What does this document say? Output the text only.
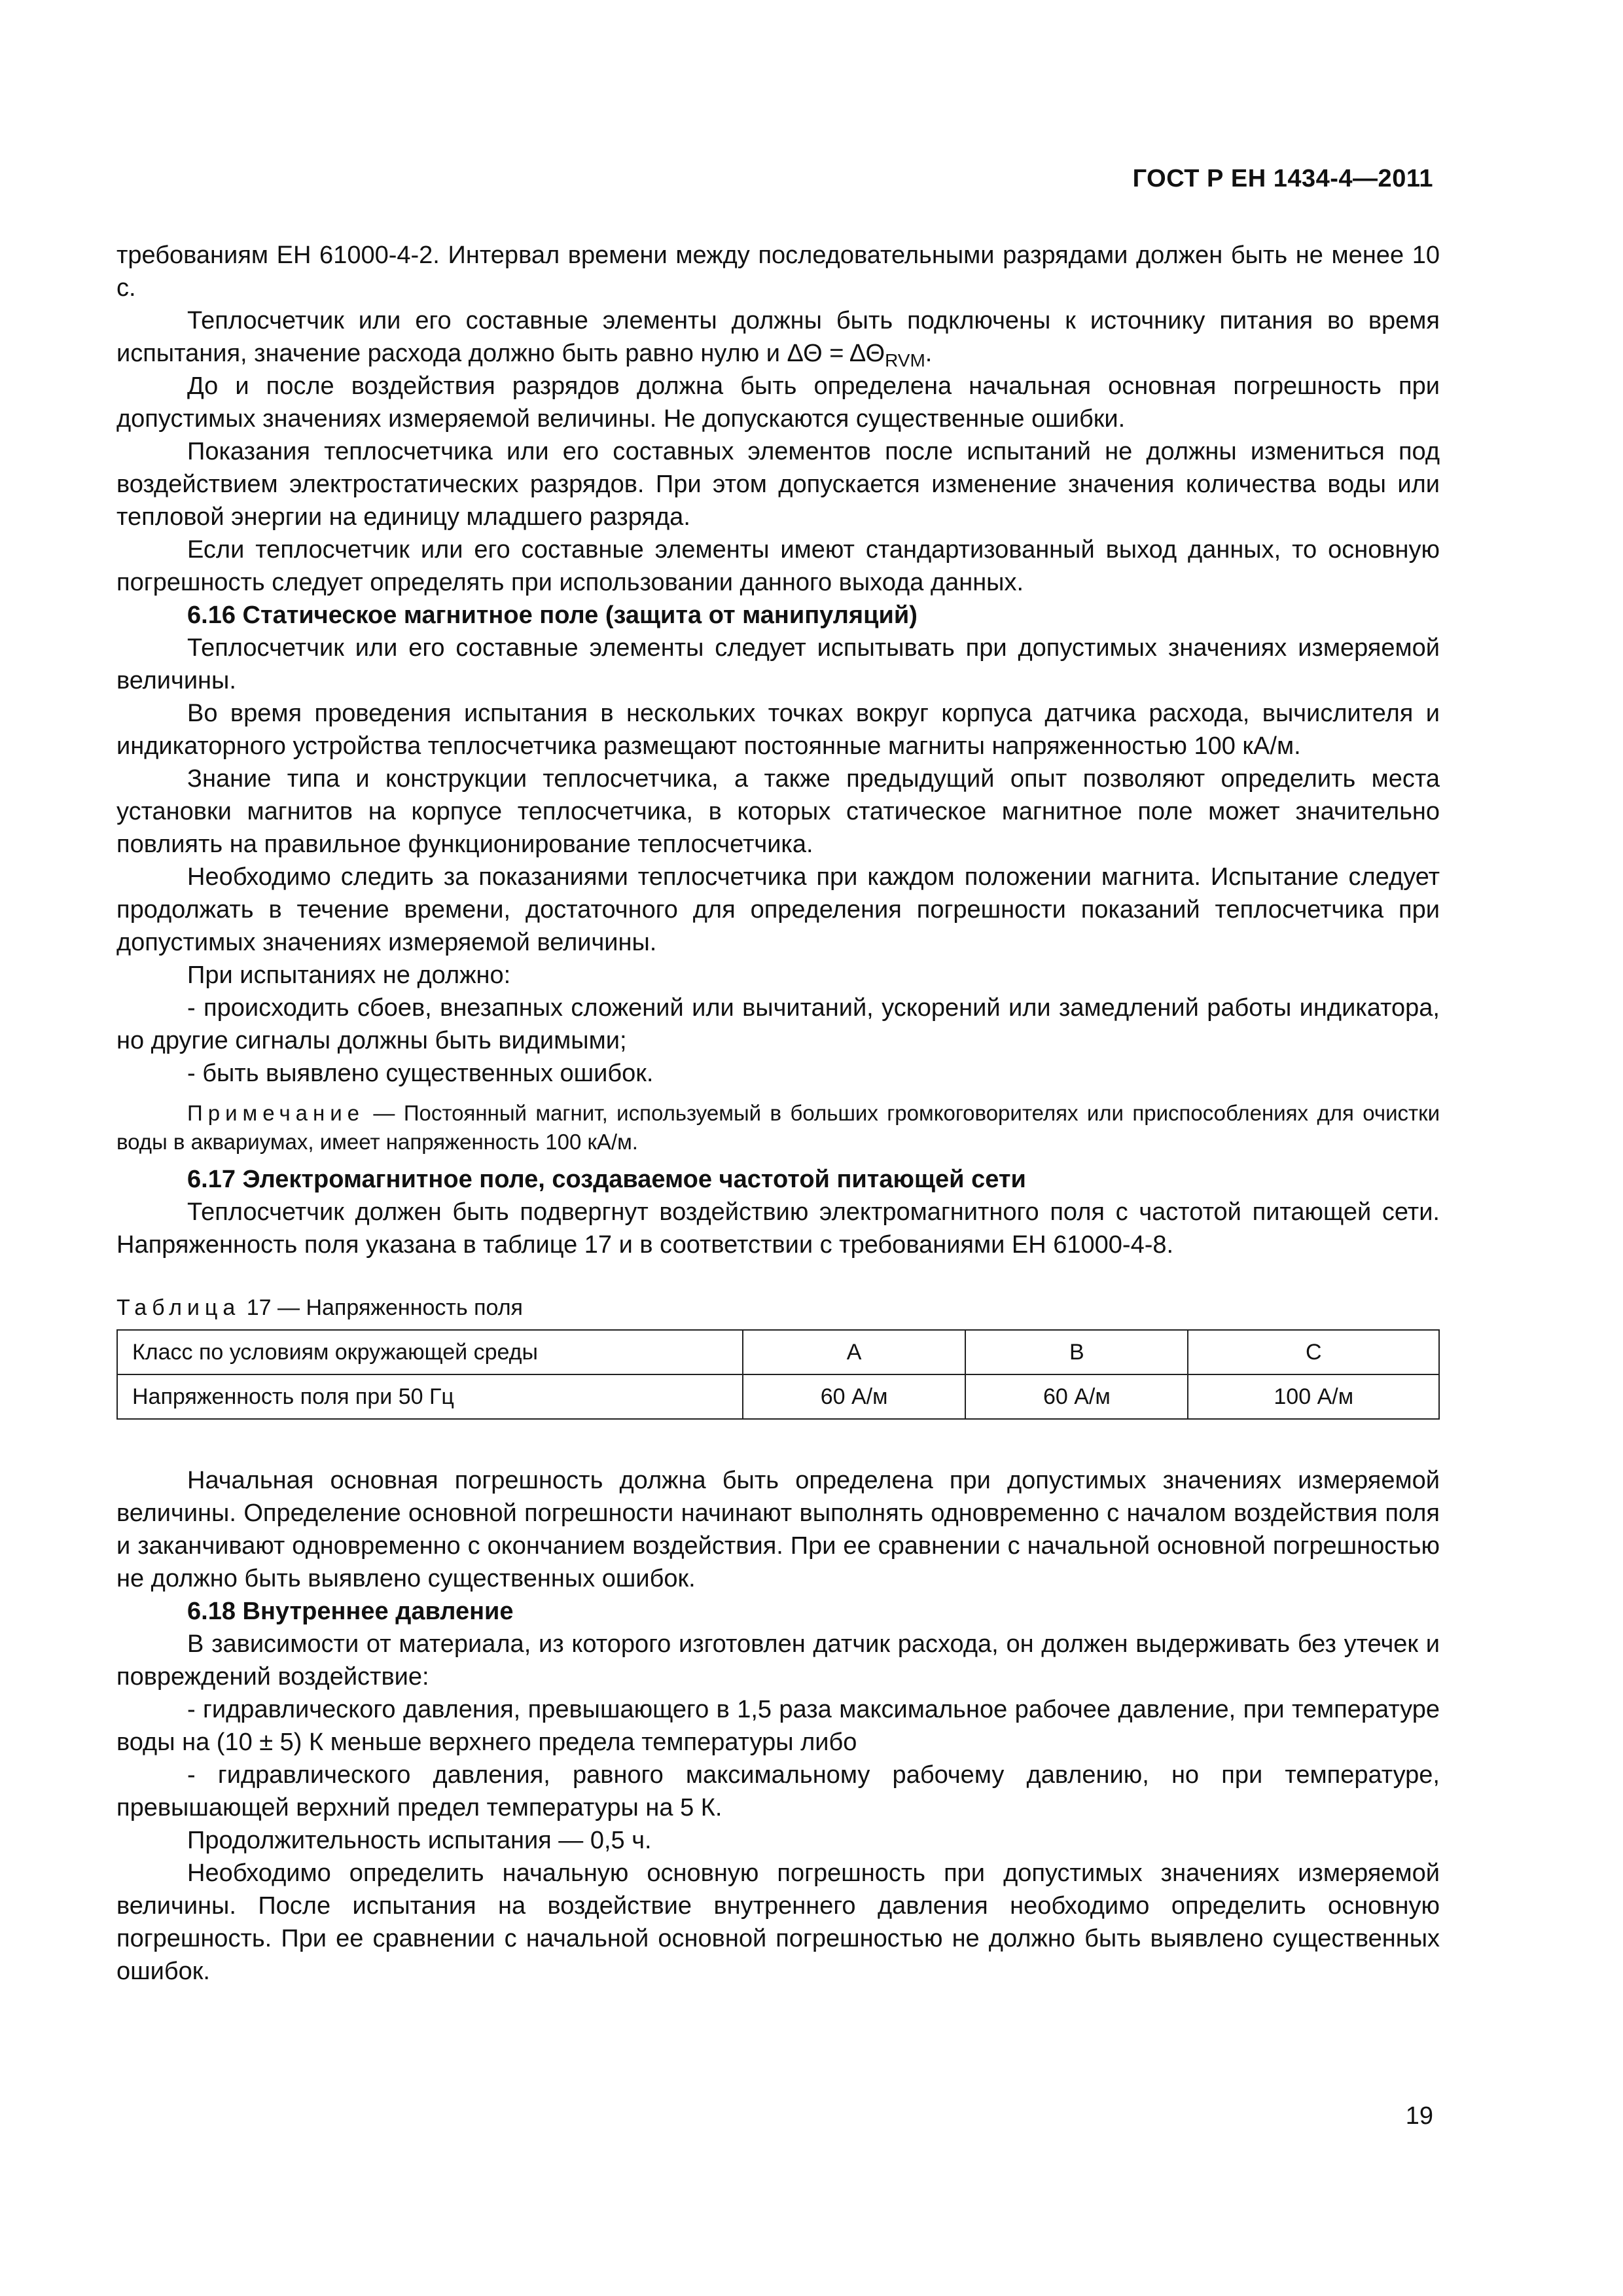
ГОСТ Р ЕН 1434-4—2011

требованиям ЕН 61000-4-2. Интервал времени между последовательными разрядами должен быть не менее 10 с.

Теплосчетчик или его составные элементы должны быть подключены к источнику питания во время испытания, значение расхода должно быть равно нулю и $\Delta\Theta = \Delta\Theta_{RVM}$.

До и после воздействия разрядов должна быть определена начальная основная погрешность при допустимых значениях измеряемой величины. Не допускаются существенные ошибки.

Показания теплосчетчика или его составных элементов после испытаний не должны измениться под воздействием электростатических разрядов. При этом допускается изменение значения количества воды или тепловой энергии на единицу младшего разряда.

Если теплосчетчик или его составные элементы имеют стандартизованный выход данных, то основную погрешность следует определять при использовании данного выхода данных.

6.16 Статическое магнитное поле (защита от манипуляций)

Теплосчетчик или его составные элементы следует испытывать при допустимых значениях измеряемой величины.

Во время проведения испытания в нескольких точках вокруг корпуса датчика расхода, вычислителя и индикаторного устройства теплосчетчика размещают постоянные магниты напряженностью 100 кА/м.

Знание типа и конструкции теплосчетчика, а также предыдущий опыт позволяют определить места установки магнитов на корпусе теплосчетчика, в которых статическое магнитное поле может значительно повлиять на правильное функционирование теплосчетчика.

Необходимо следить за показаниями теплосчетчика при каждом положении магнита. Испытание следует продолжать в течение времени, достаточного для определения погрешности показаний теплосчетчика при допустимых значениях измеряемой величины.

При испытаниях не должно:

- происходить сбоев, внезапных сложений или вычитаний, ускорений или замедлений работы индикатора, но другие сигналы должны быть видимыми;

- быть выявлено существенных ошибок.

Примечание — Постоянный магнит, используемый в больших громкоговорителях или приспособлениях для очистки воды в аквариумах, имеет напряженность 100 кА/м.

6.17 Электромагнитное поле, создаваемое частотой питающей сети

Теплосчетчик должен быть подвергнут воздействию электромагнитного поля с частотой питающей сети. Напряженность поля указана в таблице 17 и в соответствии с требованиями ЕН 61000-4-8.

Таблица 17 — Напряженность поля
Класс по условиям окружающей среды	A	B	C
Напряженность поля при 50 Гц	60 А/м	60 А/м	100 А/м

Начальная основная погрешность должна быть определена при допустимых значениях измеряемой величины. Определение основной погрешности начинают выполнять одновременно с началом воздействия поля и заканчивают одновременно с окончанием воздействия. При ее сравнении с начальной основной погрешностью не должно быть выявлено существенных ошибок.

6.18 Внутреннее давление

В зависимости от материала, из которого изготовлен датчик расхода, он должен выдерживать без утечек и повреждений воздействие:

- гидравлического давления, превышающего в 1,5 раза максимальное рабочее давление, при температуре воды на (10 ± 5) К меньше верхнего предела температуры либо

- гидравлического давления, равного максимальному рабочему давлению, но при температуре, превышающей верхний предел температуры на 5 К.

Продолжительность испытания — 0,5 ч.

Необходимо определить начальную основную погрешность при допустимых значениях измеряемой величины. После испытания на воздействие внутреннего давления необходимо определить основную погрешность. При ее сравнении с начальной основной погрешностью не должно быть выявлено существенных ошибок.

19
